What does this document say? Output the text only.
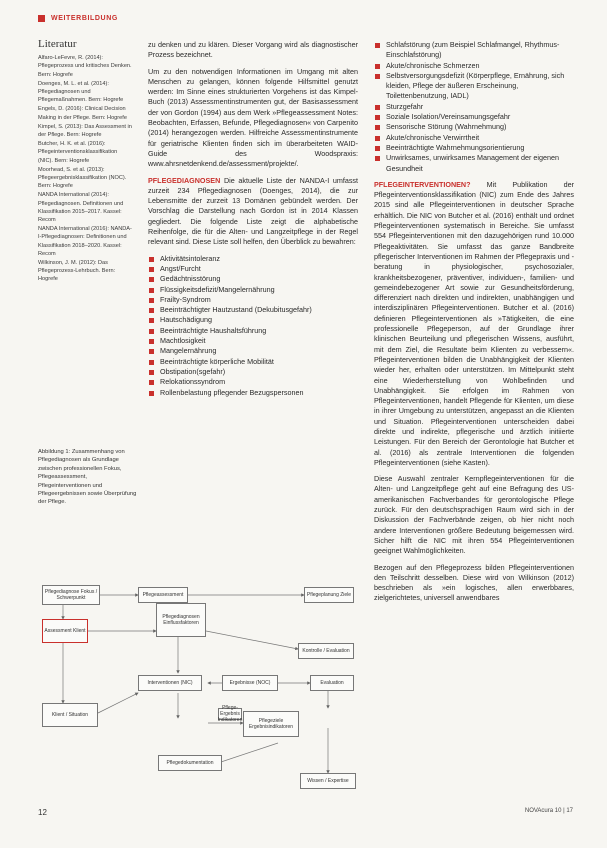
WEITERBILDUNG
Literatur
Alfaro-LeFevre, R. (2014): Pflegeprozess und kritisches Denken. Bern: Hogrefe
Doenges, M. L. et al. (2014): Pflegediagnosen und Pflegemaßnahmen. Bern: Hogrefe
Engels, D. (2016): Clinical Decision Making in der Pflege. Bern: Hogrefe
Kimpel, S. (2013): Das Assessment in der Pflege. Bern: Hogrefe
Butcher, H. K. et al. (2016): Pflegeinterventionsklassifikation (NIC). Bern: Hogrefe
Moorhead, S. et al. (2013): Pflegeergebnisklassifikation (NOC). Bern: Hogrefe
NANDA International (2014): Pflegediagnosen. Definitionen und Klassifikation 2015–2017. Kassel: Recom
NANDA International (2016): NANDA-I-Pflegediagnosen: Definitionen und Klassifikation 2018–2020. Kassel: Recom
Wilkinson, J. M. (2012): Das Pflegeprozess-Lehrbuch. Bern: Hogrefe
Abbildung 1: Zusammenhang von Pflegediagnosen als Grundlage zwischen professionellen Fokus, Pflegeassessment, Pflegeinterventionen und Pflegeergebnissen sowie Überprüfung der Pflege.

zu denken und zu klären. Dieser Vorgang wird als diagnostischer Prozess bezeichnet.

Um zu den notwendigen Informationen im Umgang mit alten Menschen zu gelangen, können folgende Hilfsmittel genutzt werden: Im Sinne eines strukturierten Vorgehens ist das Kimpel-Buch (2013) Assessmentinstrumenten gut, der Basisassessment der von Gordon (1994) aus dem Werk »Pflegeassessment Notes: Beobachten, Erfassen, Befunde, Pflegediagnosen« von Carpenito (2014) herangezogen werden. Hilfreiche Assessmentinstrumente für geriatrische Klienten finden sich im überarbeiteten WAID-Guide des Woodspraxis: www.ahrsnetdenkend.de/assessment/projekte/.

PFLEGEDIAGNOSEN Die aktuelle Liste der NANDA-I umfasst zurzeit 234 Pflegediagnosen (Doenges, 2014), die zur Lebensmitte der zurzeit 13 Domänen gebündelt werden. Der Vorschlag die Darstellung nach Gordon ist in 2014 Klassen gegliedert. Die folgende Liste zeigt die alphabetische Reihenfolge, die für die Alten- und Langzeitpflege in der Regel relevant sind. Diese Liste soll helfen, den Überblick zu bewahren:

Aktivitätsintoleranz
Angst/Furcht
Gedächtnisstörung
Flüssigkeitsdefizit/Mangelernährung
Frailty-Syndrom
Beeinträchtigter Hautzustand (Dekubitusgefahr)
Hautschädigung
Beeinträchtigte Haushaltsführung
Machtlosigkeit
Mangelernährung
Beeinträchtigte körperliche Mobilität
Obstipation(sgefahr)
Relokationssyndrom
Rollenbelastung pflegender Bezugspersonen
Schlafstörung (zum Beispiel Schlafmangel, Rhythmus-Einschlafstörung)
Akute/chronische Schmerzen
Selbstversorgungsdefizit (Körperpflege, Ernährung, sich kleiden, Pflege der äußeren Erscheinung, Toilettenbenutzung, IADL)
Sturzgefahr
Soziale Isolation/Vereinsamungsgefahr
Sensorische Störung (Wahrnehmung)
Akute/chronische Verwirrtheit
Beeinträchtigte Wahrnehmungsorientierung
Unwirksames, unwirksames Management der eigenen Gesundheit

PFLEGEINTERVENTIONEN? Mit Publikation der Pflegeinterventionsklassifikation (NIC) zum Ende des Jahres 2015 sind alle Pflegeinterventionen in deutscher Sprache erhältlich. Die NIC von Butcher et al. (2016) enthält und ordnet Pflegeinterventionen systematisch in Bereiche. Sie umfasst 554 Pflegeinterventionen mit den dazugehörigen rund 10.000 Pflegeaktivitäten. Sie umfasst das ganze Bandbreite pflegerischer Interventionen im Rahmen der Pflegepraxis und -beratung in physiologischer, psychosozialer, krankheitsbezogener, präventiver, individuen-, familien- und gemeindebezogener Art sowie zur Gesundheitsförderung, differenziert nach direkten und indirekten, unabhängigen und interdisziplinären Pflegeinterventionen. Butcher et al. (2016) definieren Pflegeinterventionen als »Tätigkeiten, die eine professionelle Pflegeperson, auf der Grundlage ihrer klinischen Beurteilung und pflegerischen Wissens, ausführt, mit dem Ziel, die Resultate beim Klienten zu verbessern«. Pflegeinterventionen bilden die Unabhängigkeit der Klienten wieder her, erhalten oder unterstützen. Im Mittelpunkt steht eine Wiederherstellung von Wohlbefinden und Unabhängigkeit. Sie erfolgen im Rahmen von Pflegeinterventionen, handelt Pflegende für Klienten, um diese in ihrer Umgebung zu unterstützen, angepasst an die Klienten und Situation. Pflegeinterventionen unterscheiden dabei direkte und indirekte, pflegerische und ärztlich initiierte Leistungen. Für den Bereich der Gerontologie hat Butcher et al. (2016) als zentrale Interventionen die folgenden Pflegeinterventionen (siehe Kasten).

Diese Auswahl zentraler Kernpflegeinterventionen für die Alten- und Langzeitpflege geht auf eine Befragung des US-amerikanischen Fachverbandes für gerontologische Pflege zurück. Für den deutschsprachigen Raum wird sich in der Diskussion der Fachverbände zeigen, ob hier nicht noch andere Interventionen größere Bedeutung beigemessen wird. Sicher hilft die NIC mit ihren 554 Pflegeinterventionen geeignet Wahlmöglichkeiten.

Bezogen auf den Pflegeprozess bilden Pflegeinterventionen den Teilschritt desselben. Diese wird von Wilkinson (2012) beschrieben als »ein logisches, allen erwerbbares, zielgerichtetes, universell anwendbares

Pflegediagnose Fokus / Schwerpunkt
Pflegeassessment
Assessment Klient
Pflegediagnosen Einflussfaktoren
Pflegeplanung Ziele
Interventionen (NIC)	Ergebnisse (NOC)
Kontrolle / Evaluation
Pflegeziele Ergebnisindikatoren
Evaluation
Pflege-Ergebnis Indikatoren
Klient / Situation
Pflegedokumentation
Wissen / Expertise
12	NOVAcura 10 | 17
